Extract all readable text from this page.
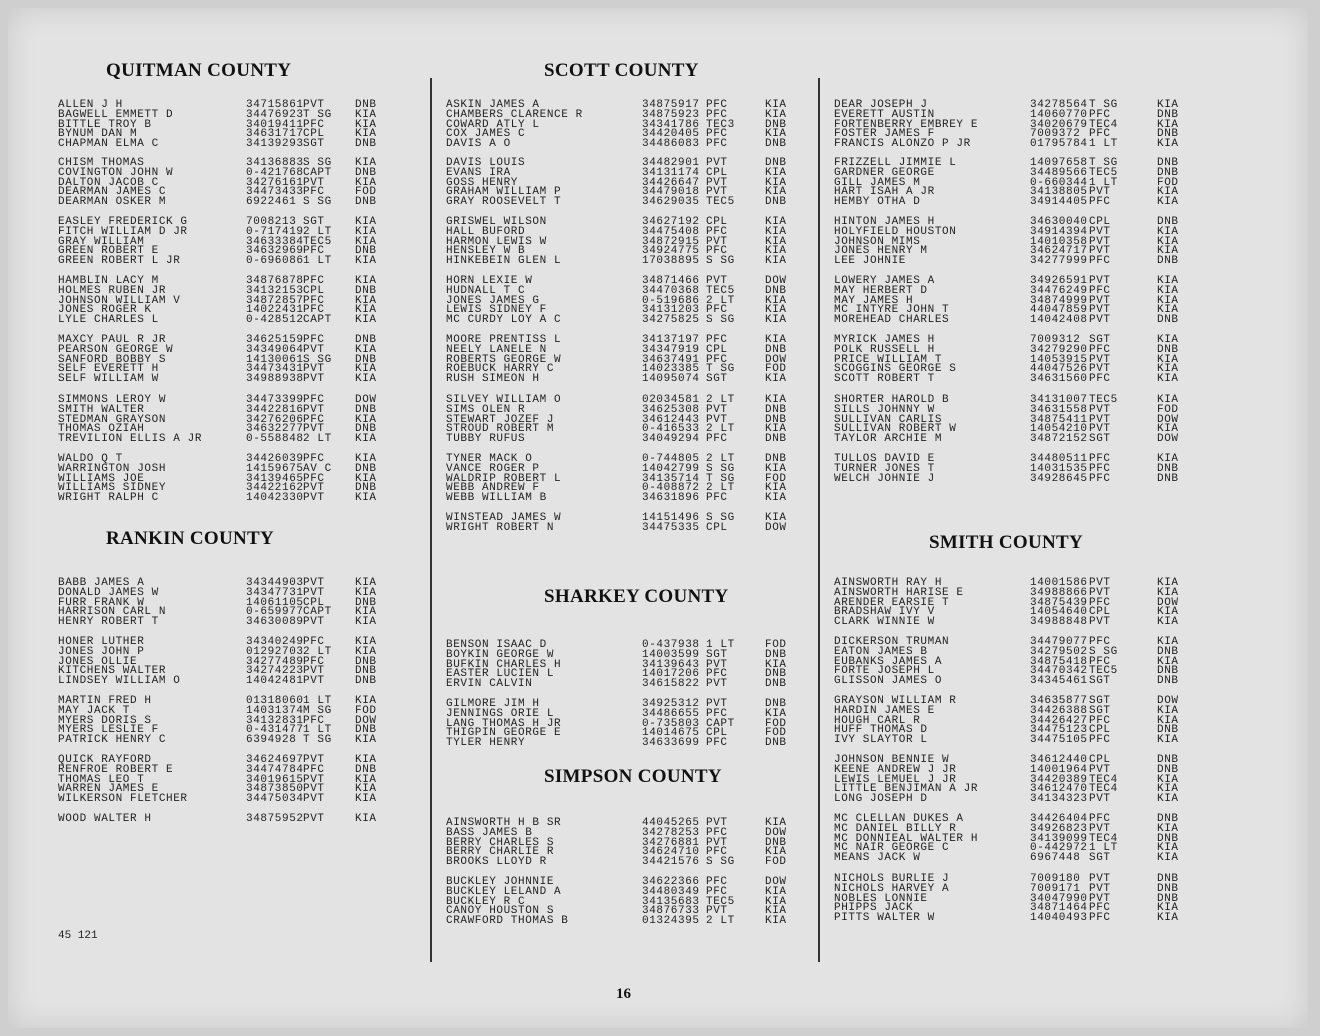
QUITMAN COUNTY
ALLEN J H	34715861 PVT	DNB
BAGWELL EMMETT D	34476923 T SG KIA
BITTLE TROY B	34019411 PFC	KIA
BYNUM DAN M	34631717 CPL	KIA
CHAPMAN ELMA C	34139293 SGT	DNB
CHISM THOMAS	34136883 S SG KIA
COVINGTON JOHN W	0-421768 CAPT DNB
DALTON JACOB C	34276161 PVT	KIA
DEARMAN JAMES C	34473433 PFC	FOD
DEARMAN OSKER M	6922461 S SG DNB
EASLEY FREDERICK G	7008213 SGT	KIA
FITCH WILLIAM D JR	0-717419 2 LT KIA
GRAY WILLIAM	34633384 TEC5 KIA
GREEN ROBERT E	34632969 PFC	DNB
GREEN ROBERT L JR	0-696086 1 LT KIA
HAMBLIN LACY M	34876878 PFC	KIA
HOLMES RUBEN JR	34132153 CPL	DNB
JOHNSON WILLIAM V	34872857 PFC	KIA
JONES ROGER K	14022431 PFC	KIA
LYLE CHARLES L	0-428512 CAPT KIA
MAXCY PAUL R JR	34625159 PFC	DNB
PEARSON GEORGE W	34349064 PVT	KIA
SANFORD BOBBY S	14130061 S SG DNB
SELF EVERETT H	34473431 PVT	KIA
SELF WILLIAM W	34988938 PVT	KIA
SIMMONS LEROY W	34473399 PFC	DOW
SMITH WALTER	34422816 PVT	DNB
STEDMAN GRAYSON	34276206 PFC	KIA
THOMAS OZIAH	34632277 PVT	DNB
TREVILION ELLIS A JR	0-558848 2 LT KIA
WALDO Q T	34426039 PFC	KIA
WARRINGTON JOSH	14159675 AV C DNB
WILLIAMS JOE	34139465 PFC	KIA
WILLIAMS SIDNEY	34422162 PVT	DNB
WRIGHT RALPH C	14042330 PVT	KIA
RANKIN COUNTY
BABB JAMES A	34344903 PVT	KIA
DONALD JAMES W	34347731 PVT	KIA
FURR FRANK W	14061105 CPL	DNB
HARRISON CARL N	0-659977 CAPT KIA
HENRY ROBERT T	34630089 PVT	KIA
HONER LUTHER	34340249 PFC	KIA
JONES JOHN P	01292703 2 LT KIA
JONES OLLIE	34277489 PFC	DNB
KITCHENS WALTER	34274223 PVT	DNB
LINDSEY WILLIAM O	14042481 PVT	DNB
MARTIN FRED H	01318060 1 LT KIA
MAY JACK T	14031374 M SG FOD
MYERS DORIS S	34132831 PFC	DOW
MYERS LESLIE F	0-431477 1 LT DNB
PATRICK HENRY C	6394928 T SG KIA
QUICK RAYFORD	34624697 PVT	KIA
RENFROE ROBERT E	34474784 PFC	DNB
THOMAS LEO T	34019615 PVT	KIA
WARREN JAMES E	34873850 PVT	KIA
WILKERSON FLETCHER	34475034 PVT	KIA
WOOD WALTER H	34875952 PVT	KIA
SCOTT COUNTY
ASKIN JAMES A	34875917 PFC	KIA
CHAMBERS CLARENCE R	34875923 PFC	KIA
COWARD ATLY L	34341786 TEC3	DNB
COX JAMES C	34420405 PFC	KIA
DAVIS A O	34486083 PFC	DNB
DAVIS LOUIS	34482901 PVT	DNB
EVANS IRA	34131174 CPL	KIA
GOSS HENRY	34426647 PVT	KIA
GRAHAM WILLIAM P	34479018 PVT	KIA
GRAY ROOSEVELT T	34629035 TEC5	DNB
GRISWEL WILSON	34627192 CPL	KIA
HALL BUFORD	34475408 PFC	KIA
HARMON LEWIS W	34872915 PVT	KIA
HENSLEY W B	34924775 PFC	KIA
HINKEBEIN GLEN L	17038895 S SG	KIA
HORN LEXIE W	34871466 PVT	DOW
HUDNALL T C	34470368 TEC5	DNB
JONES JAMES G	0-519686 2 LT	KIA
LEWIS SIDNEY F	34131203 PFC	KIA
MC CURDY LOY A C	34275825 S SG	KIA
MOORE PRENTISS L	34137197 PFC	KIA
NEELY LANELE N	34347919 CPL	DNB
ROBERTS GEORGE W	34637491 PFC	DOW
ROEBUCK HARRY C	14023385 T SG	FOD
RUSH SIMEON H	14095074 SGT	KIA
SILVEY WILLIAM O	02034581 2 LT	KIA
SIMS OLEN R	34625308 PVT	DNB
STEWART JOZEF J	34612443 PVT	DNB
STROUD ROBERT M	0-416533 2 LT	KIA
TUBBY RUFUS	34049294 PFC	DNB
TYNER MACK O	0-744805 2 LT	DNB
VANCE ROGER P	14042799 S SG	KIA
WALDRIP ROBERT L	34135714 T SG	FOD
WEBB ANDREW F	0-408872 2 LT	KIA
WEBB WILLIAM B	34631896 PFC	KIA
WINSTEAD JAMES W	14151496 S SG	KIA
WRIGHT ROBERT N	34475335 CPL	DOW
SHARKEY COUNTY
BENSON ISAAC D	0-437938 1 LT	FOD
BOYKIN GEORGE W	14003599 SGT	DNB
BUFKIN CHARLES H	34139643 PVT	KIA
EASTER LUCIEN L	14017206 PFC	DNB
ERVIN CALVIN	34615822 PVT	DNB
GILMORE JIM H	34925312 PVT	DNB
JENNINGS ORIE L	34486655 PFC	KIA
LANG THOMAS H JR	0-735803 CAPT	FOD
THIGPIN GEORGE E	14014675 CPL	FOD
TYLER HENRY	34633699 PFC	DNB
SIMPSON COUNTY
AINSWORTH H B SR	44045265 PVT	KIA
BASS JAMES B	34278253 PFC	DOW
BERRY CHARLES S	34276881 PVT	DNB
BERRY CHARLIE R	34624710 PFC	KIA
BROOKS LLOYD R	34421576 S SG	FOD
BUCKLEY JOHNNIE	34622366 PFC	DOW
BUCKLEY LELAND A	34480349 PFC	KIA
BUCKLEY R C	34135683 TEC5	KIA
CANOY HOUSTON S	34876733 PVT	KIA
CRAWFORD THOMAS B	01324395 2 LT	KIA
DEAR JOSEPH J	34278564 T SG	KIA
EVERETT AUSTIN	14060770 PFC	DNB
FORTENBERRY EMBREY E	34020679 TEC4	KIA
FOSTER JAMES F	7009372 PFC	DNB
FRANCIS ALONZO P JR	01795784 1 LT	KIA
FRIZZELL JIMMIE L	14097658 T SG	DNB
GARDNER GEORGE	34489566 TEC5	DNB
GILL JAMES M	0-660344 1 LT	FOD
HART ISAH A JR	34138805 PVT	KIA
HEMBY OTHA D	34914405 PFC	KIA
HINTON JAMES H	34630040 CPL	DNB
HOLYFIELD HOUSTON	34914394 PVT	KIA
JOHNSON MIMS	14010358 PVT	KIA
JONES HENRY M	34624717 PVT	KIA
LEE JOHNIE	34277999 PFC	DNB
LOWERY JAMES A	34926591 PVT	KIA
MAY HERBERT D	34476249 PFC	KIA
MAY JAMES H	34874999 PVT	KIA
MC INTYRE JOHN T	44047859 PVT	KIA
MOREHEAD CHARLES	14042408 PVT	DNB
MYRICK JAMES H	7009312 SGT	KIA
POLK RUSSELL H	34279290 PFC	DNB
PRICE WILLIAM T	14053915 PVT	KIA
SCOGGINS GEORGE S	44047526 PVT	KIA
SCOTT ROBERT T	34631560 PFC	KIA
SHORTER HAROLD B	34131007 TEC5	KIA
SILLS JOHNNY W	34631558 PVT	FOD
SULLIVAN CARLIS	34875411 PVT	DOW
SULLIVAN ROBERT W	14054210 PVT	KIA
TAYLOR ARCHIE M	34872152 SGT	DOW
TULLOS DAVID E	34480511 PFC	KIA
TURNER JONES T	14031535 PFC	DNB
WELCH JOHNIE J	34928645 PFC	DNB
SMITH COUNTY
AINSWORTH RAY H	14001586 PVT	KIA
AINSWORTH HARISE E	34988866 PVT	KIA
ARENDER EARSIE T	34875439 PFC	DOW
BRADSHAW IVY V	14054640 CPL	KIA
CLARK WINNIE W	34988848 PVT	KIA
DICKERSON TRUMAN	34479077 PFC	KIA
EATON JAMES B	34279502 S SG	DNB
EUBANKS JAMES A	34875418 PFC	KIA
FORTE JOSEPH L	34470342 TEC5	DNB
GLISSON JAMES O	34345461 SGT	DNB
GRAYSON WILLIAM R	34635877 SGT	DOW
HARDIN JAMES E	34426388 SGT	KIA
HOUGH CARL R	34426427 PFC	KIA
HUFF THOMAS D	34475123 CPL	DNB
IVY SLAYTOR L	34475105 PFC	KIA
JOHNSON BENNIE W	34612440 CPL	DNB
KEENE ANDREW J JR	14001964 PVT	DNB
LEWIS LEMUEL J JR	34420389 TEC4	KIA
LITTLE BENJIMAN A JR	34612470 TEC4	KIA
LONG JOSEPH D	34134323 PVT	KIA
MC CLELLAN DUKES A	34426404 PFC	DNB
MC DANIEL BILLY R	34926823 PVT	KIA
MC DONNIEAL WALTER H	34139099 TEC4	DNB
MC NAIR GEORGE C	0-442972 1 LT	KIA
MEANS JACK W	6967448 SGT	KIA
NICHOLS BURLIE J	7009180 PVT	DNB
NICHOLS HARVEY A	7009171 PVT	DNB
NOBLES LONNIE	34047990 PVT	DNB
PHIPPS JACK	34871464 PFC	KIA
PITTS WALTER W	14040493 PFC	KIA
45 121
16
